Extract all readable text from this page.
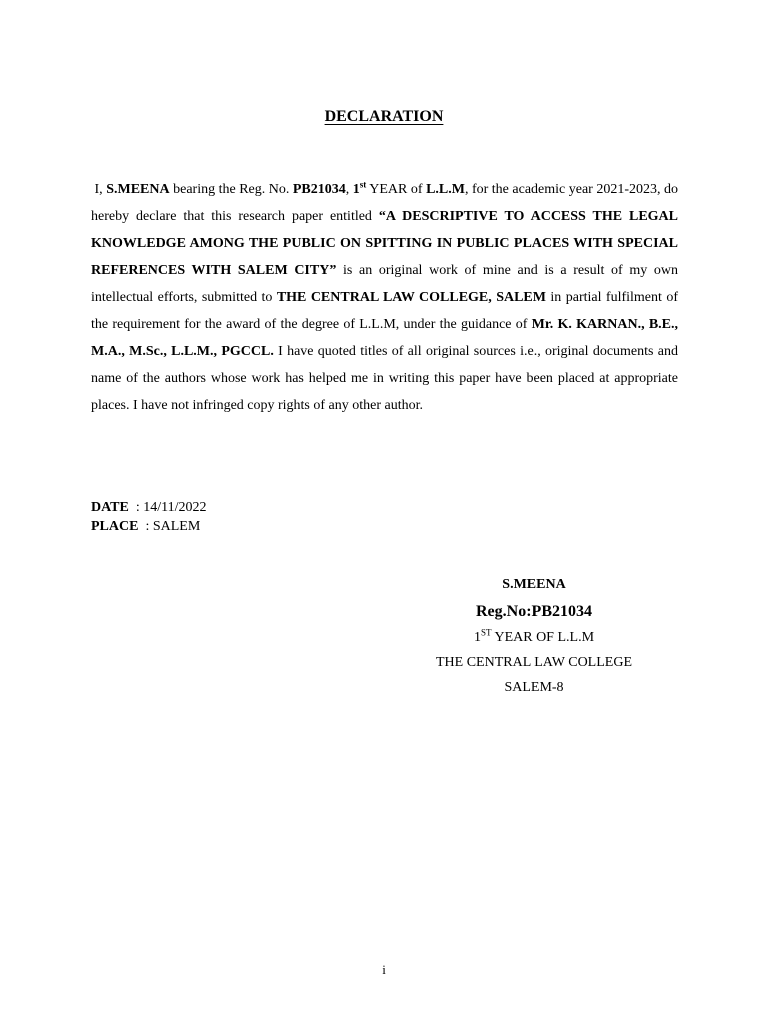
DECLARATION

I, S.MEENA bearing the Reg. No. PB21034, 1st YEAR of L.L.M, for the academic year 2021-2023, do hereby declare that this research paper entitled “A DESCRIPTIVE TO ACCESS THE LEGAL KNOWLEDGE AMONG THE PUBLIC ON SPITTING IN PUBLIC PLACES WITH SPECIAL REFERENCES WITH SALEM CITY” is an original work of mine and is a result of my own intellectual efforts, submitted to THE CENTRAL LAW COLLEGE, SALEM in partial fulfilment of the requirement for the award of the degree of L.L.M, under the guidance of Mr. K. KARNAN., B.E., M.A., M.Sc., L.L.M., PGCCL. I have quoted titles of all original sources i.e., original documents and name of the authors whose work has helped me in writing this paper have been placed at appropriate places. I have not infringed copy rights of any other author.

DATE  : 14/11/2022
PLACE  : SALEM
S.MEENA
Reg.No:PB21034
1ST YEAR OF L.L.M
THE CENTRAL LAW COLLEGE
SALEM-8
i
